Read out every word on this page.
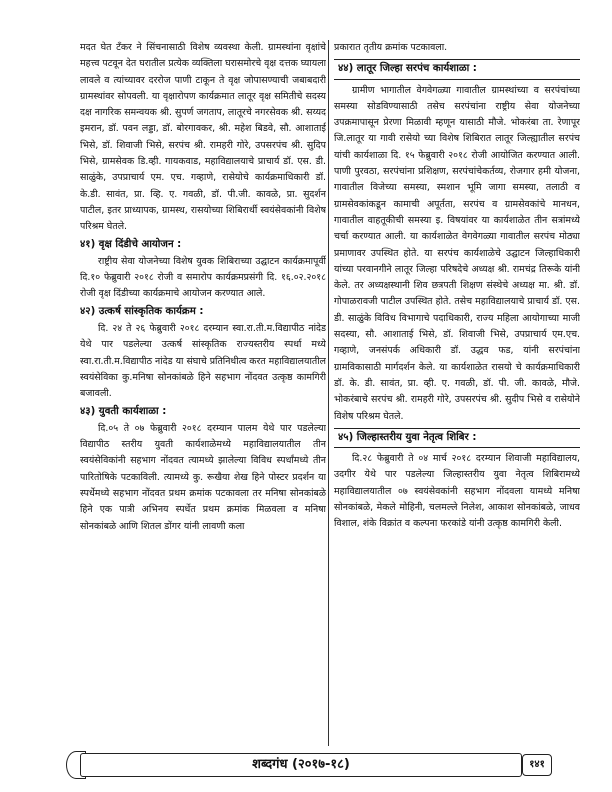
मदत घेत टँकर ने सिंचनासाठी विशेष व्यवस्था केली. ग्रामस्थांना वृक्षांचे महत्त्व पटवून देत घरातील प्रत्येक व्यक्तिला घरासमोरचे वृक्ष दत्तक घ्यायला लावले व त्यांच्यावर दररोज पाणी टाकून ते वृक्ष जोपासण्याची जबाबदारी ग्रामस्थांवर सोपवली. या वृक्षारोपण कार्यक्रमात लातूर वृक्ष समितीचे सदस्य दक्ष नागरिक समन्वयक श्री. सुपर्ण जगताप, लातूरचे नगरसेवक श्री. सय्यद इमरान, डॉ. पवन लड्डा, डॉ. बोरगावकर, श्री. महेश बिडवे, सौ. आशाताई भिसे, डॉ. शिवाजी भिसे, सरपंच श्री. रामहरी गोरे, उपसरपंच श्री. सुदिप भिसे, ग्रामसेवक डि.व्ही. गायकवाड, महाविद्यालयाचे प्राचार्य डॉ. एस. डी. साळुंके, उपप्राचार्य एम. एच. गव्हाणे, रासेयोचे कार्यक्रमाधिकारी डॉ. के.डी. सावंत, प्रा. व्हि. ए. गवळी, डॉ. पी.जी. कावळे, प्रा. सुदर्शन पाटील, इतर प्राध्यापक, ग्रामस्थ, रासयोच्या शिबिरार्थी स्वयंसेवकांनी विशेष परिश्रम घेतले.

४१) वृक्ष दिंडीचे आयोजन :

राष्ट्रीय सेवा योजनेच्या विशेष युवक शिबिराच्या उद्घाटन कार्यक्रमापूर्वी दि.१० फेब्रुवारी २०१८ रोजी व समारोप कार्यक्रमप्रसंगी दि. १६.०२.२०१८ रोजी वृक्ष दिंडीच्या कार्यक्रमाचे आयोजन करण्यात आले.

४२) उत्कर्ष सांस्कृतिक कार्यक्रम :

दि. २४ ते २६ फेब्रुवारी २०१८ दरम्यान स्वा.रा.ती.म.विद्यापीठ नांदेड येथे पार पडलेल्या उत्कर्ष सांस्कृतिक राज्यस्तरीय स्पर्धा मध्ये स्वा.रा.ती.म.विद्यापीठ नांदेड या संघाचे प्रतिनिधीत्व करत महाविद्यालयातील स्वयंसेविका कु.मनिषा सोनकांबळे हिने सहभाग नोंदवत उत्कृष्ठ कामगिरी बजावली.

४३) युवती कार्यशाळा :

दि.०५ ते ०७ फेब्रुवारी २०१८ दरम्यान पालम येथे पार पडलेल्या विद्यापीठ स्तरीय युवती कार्यशाळेमध्ये महाविद्यालयातील तीन स्वयंसेविकांनी सहभाग नोंदवत त्यामध्ये झालेल्या विविध स्पर्धांमध्ये तीन पारितोषिके पटकाविली. त्यामध्ये कु. रूखैया शेख हिने पोस्टर प्रदर्शन या स्पर्धेमध्ये सहभाग नोंदवत प्रथम क्रमांक पटकावला तर मनिषा सोनकांबळे हिने एक पात्री अभिनय स्पर्धेत प्रथम क्रमांक मिळवला व मनिषा सोनकांबळे आणि शितल डोंगर यांनी लावणी कला

प्रकारात तृतीय क्रमांक पटकावला.

४४) लातूर जिल्हा सरपंच कार्यशाळा :

ग्रामीण भागातील वेगवेगळ्या गावातील ग्रामस्थांच्या व सरपंचांच्या समस्या सोडविण्यासाठी तसेच सरपंचांना राष्ट्रीय सेवा योजनेच्या उपक्रमापासून प्रेरणा मिळावी म्हणून यासाठी मौजे. भोकरंबा ता. रेणापूर जि.लातूर या गावी रासेयो च्या विशेष शिबिरात लातूर जिल्ह्यातील सरपंच यांची कार्यशाळा दि. १५ फेब्रुवारी २०१८ रोजी आयोजित करण्यात आली. पाणी पुरवठा, सरपंचांना प्रशिक्षण, सरपंचांचेकर्तव्य, रोजगार हमी योजना, गावातील विजेच्या समस्या, स्मशान भूमि जागा समस्या, तलाठी व ग्रामसेवकांकडून कामाची अपूर्तता, सरपंच व ग्रामसेवकांचे मानधन, गावातील वाहतूकीची समस्या इ. विषयांवर या कार्यशाळेत तीन सत्रांमध्ये चर्चा करण्यात आली. या कार्यशाळेत वेगवेगळ्या गावातील सरपंच मोठ्या प्रमाणावर उपस्थित होते. या सरपंच कार्यशाळेचे उद्घाटन जिल्हाधिकारी यांच्या परवानगीने लातूर जिल्हा परिषदेचे अध्यक्ष श्री. रामचंद्र तिरूके यांनी केले. तर अध्यक्षस्थानी शिव छत्रपती शिक्षण संस्थेचे अध्यक्ष मा. श्री. डॉ. गोपाळरावजी पाटील उपस्थित होते. तसेच महाविद्यालयाचे प्राचार्य डॉ. एस. डी. साळुंके विविध विभागाचे पदाधिकारी, राज्य महिला आयोगाच्या माजी सदस्या, सौ. आशाताई भिसे, डॉ. शिवाजी भिसे, उपप्राचार्य एम.एच. गव्हाणे, जनसंपर्क अधिकारी डॉ. उद्धव फड, यांनी सरपंचांना ग्रामविकासाठी मार्गदर्शन केले. या कार्यशाळेत रासयो चे कार्यक्रमाधिकारी डॉ. के. डी. सावंत, प्रा. व्ही. ए. गवळी, डॉ. पी. जी. कावळे, मौजे. भोकरंबाचे सरपंच श्री. रामहरी गोरे, उपसरपंच श्री. सुदीप भिसे व रासेयोने विशेष परिश्रम घेतले.

४५) जिल्हास्तरीय युवा नेतृत्व शिबिर :

दि.२८ फेब्रुवारी ते ०४ मार्च २०१८ दरम्यान शिवाजी महाविद्यालय, उदगीर येथे पार पडलेल्या जिल्हास्तरीय युवा नेतृत्व शिबिरामध्ये महाविद्यालयातील ०७ स्वयंसेवकांनी सहभाग नोंदवला यामध्ये मनिषा सोनकांबळे, मेकले मोहिनी, चलमल्ले निलेश, आकाश सोनकांबळे, जाधव विशाल, शंके विक्रांत व कल्पना फरकांडे यांनी उत्कृष्ठ कामगिरी केली.

शब्दगंध (२०१७-१८)	१४१
